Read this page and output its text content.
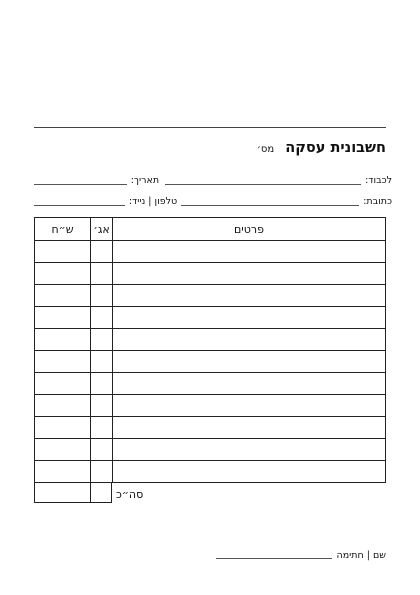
חשבונית עסקה מס׳
לכבוד:
תאריך:
כתובת:
טלפון | נייד:
פרטים	אג׳	ש״ח

סה״כ
שם | חתימה
